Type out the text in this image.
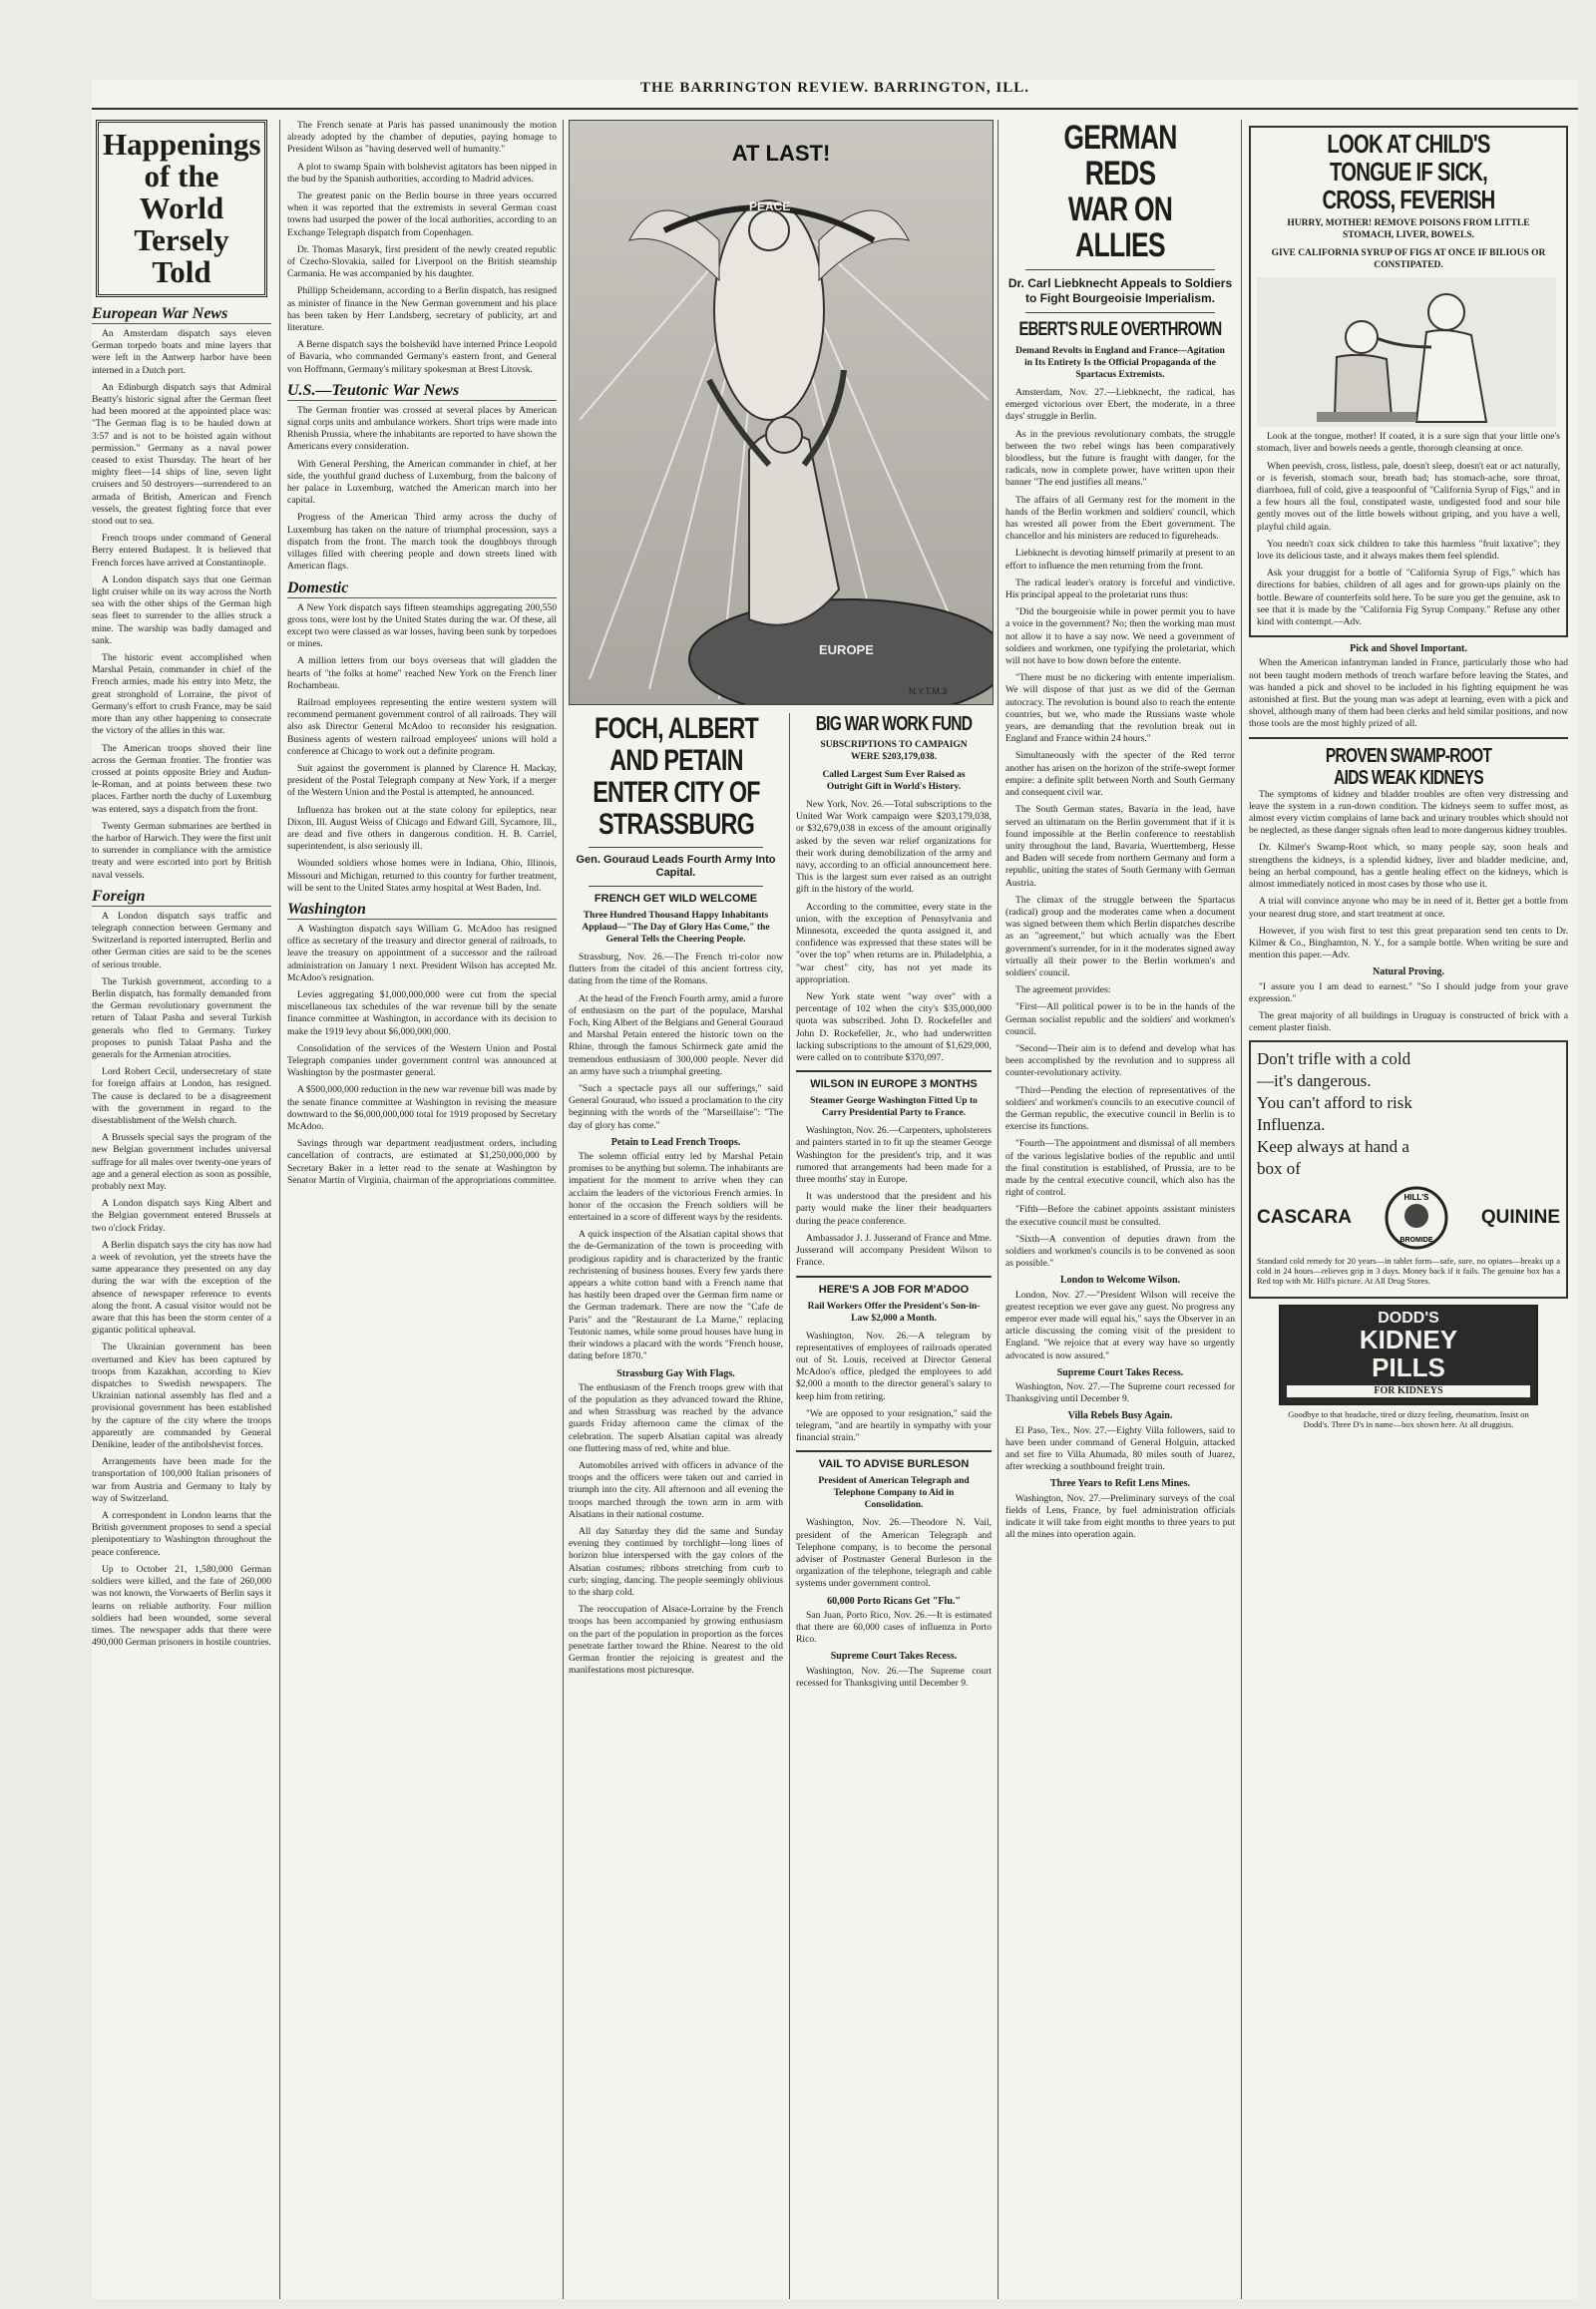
THE BARRINGTON REVIEW. BARRINGTON, ILL.
Happenings
of the World
Tersely Told
European War News

An Amsterdam dispatch says eleven German torpedo boats and mine layers that were left in the Antwerp harbor have been interned in a Dutch port.

An Edinburgh dispatch says that Admiral Beatty's historic signal after the German fleet had been moored at the appointed place was: "The German flag is to be hauled down at 3:57 and is not to be hoisted again without permission." Germany as a naval power ceased to exist Thursday. The heart of her mighty fleet—14 ships of line, seven light cruisers and 50 destroyers—surrendered to an armada of British, American and French vessels, the greatest fighting force that ever stood out to sea.

French troops under command of General Berry entered Budapest. It is believed that French forces have arrived at Constantinople.

A London dispatch says that one German light cruiser while on its way across the North sea with the other ships of the German high seas fleet to surrender to the allies struck a mine. The warship was badly damaged and sank.

The historic event accomplished when Marshal Petain, commander in chief of the French armies, made his entry into Metz, the great stronghold of Lorraine, the pivot of Germany's effort to crush France, may be said more than any other happening to consecrate the victory of the allies in this war.

The American troops shoved their line across the German frontier. The frontier was crossed at points opposite Briey and Audun-le-Roman, and at points between these two places. Farther north the duchy of Luxemburg was entered, says a dispatch from the front.

Twenty German submarines are berthed in the harbor of Harwich. They were the first unit to surrender in compliance with the armistice treaty and were escorted into port by British naval vessels.

Foreign

A London dispatch says traffic and telegraph connection between Germany and Switzerland is reported interrupted. Berlin and other German cities are said to be the scenes of serious trouble.

The Turkish government, according to a Berlin dispatch, has formally demanded from the German revolutionary government the return of Talaat Pasha and several Turkish generals who fled to Germany. Turkey proposes to punish Talaat Pasha and the generals for the Armenian atrocities.

Lord Robert Cecil, undersecretary of state for foreign affairs at London, has resigned. The cause is declared to be a disagreement with the government in regard to the disestablishment of the Welsh church.

A Brussels special says the program of the new Belgian government includes universal suffrage for all males over twenty-one years of age and a general election as soon as possible, probably next May.

A London dispatch says King Albert and the Belgian government entered Brussels at two o'clock Friday.

A Berlin dispatch says the city has now had a week of revolution, yet the streets have the same appearance they presented on any day during the war with the exception of the absence of newspaper reference to events along the front. A casual visitor would not be aware that this has been the storm center of a gigantic political upheaval.

The Ukrainian government has been overturned and Kiev has been captured by troops from Kazakhan, according to Kiev dispatches to Swedish newspapers. The Ukrainian national assembly has fled and a provisional government has been established by the capture of the city where the troops apparently are commanded by General Denikine, leader of the antibolshevist forces.

Arrangements have been made for the transportation of 100,000 Italian prisoners of war from Austria and Germany to Italy by way of Switzerland.

A correspondent in London learns that the British government proposes to send a special plenipotentiary to Washington throughout the peace conference.

Up to October 21, 1,580,000 German soldiers were killed, and the fate of 260,000 was not known, the Vorwaerts of Berlin says it learns on reliable authority. Four million soldiers had been wounded, some several times. The newspaper adds that there were 490,000 German prisoners in hostile countries.

The French senate at Paris has passed unanimously the motion already adopted by the chamber of deputies, paying homage to President Wilson as "having deserved well of humanity."

A plot to swamp Spain with bolshevist agitators has been nipped in the bud by the Spanish authorities, according to Madrid advices.

The greatest panic on the Berlin bourse in three years occurred when it was reported that the extremists in several German coast towns had usurped the power of the local authorities, according to an Exchange Telegraph dispatch from Copenhagen.

Dr. Thomas Masaryk, first president of the newly created republic of Czecho-Slovakia, sailed for Liverpool on the British steamship Carmania. He was accompanied by his daughter.

Phillipp Scheidemann, according to a Berlin dispatch, has resigned as minister of finance in the New German government and his place has been taken by Herr Landsberg, secretary of publicity, art and literature.

A Berne dispatch says the bolshevikl have interned Prince Leopold of Bavaria, who commanded Germany's eastern front, and General von Hoffmann, Germany's military spokesman at Brest Litovsk.

U.S.—Teutonic War News

The German frontier was crossed at several places by American signal corps units and ambulance workers. Short trips were made into Rhenish Prussia, where the inhabitants are reported to have shown the Americans every consideration.

With General Pershing, the American commander in chief, at her side, the youthful grand duchess of Luxemburg, from the balcony of her palace in Luxemburg, watched the American march into her capital.

Progress of the American Third army across the duchy of Luxemburg has taken on the nature of triumphal procession, says a dispatch from the front. The march took the doughboys through villages filled with cheering people and down streets lined with American flags.

Domestic

A New York dispatch says fifteen steamships aggregating 200,550 gross tons, were lost by the United States during the war. Of these, all except two were classed as war losses, having been sunk by torpedoes or mines.

A million letters from our boys overseas that will gladden the hearts of "the folks at home" reached New York on the French liner Rochambeau.

Railroad employees representing the entire western system will recommend permanent government control of all railroads. They will also ask Director General McAdoo to reconsider his resignation. Business agents of western railroad employees' unions will hold a conference at Chicago to work out a definite program.

Suit against the government is planned by Clarence H. Mackay, president of the Postal Telegraph company at New York, if a merger of the Western Union and the Postal is attempted, he announced.

Influenza has broken out at the state colony for epileptics, near Dixon, Ill. August Weiss of Chicago and Edward Gill, Sycamore, Ill., are dead and five others in dangerous condition. H. B. Carriel, superintendent, is also seriously ill.

Wounded soldiers whose homes were in Indiana, Ohio, Illinois, Missouri and Michigan, returned to this country for further treatment, will be sent to the United States army hospital at West Baden, Ind.

Washington

A Washington dispatch says William G. McAdoo has resigned office as secretary of the treasury and director general of railroads, to leave the treasury on appointment of a successor and the railroad administration on January 1 next. President Wilson has accepted Mr. McAdoo's resignation.

Levies aggregating $1,000,000,000 were cut from the special miscellaneous tax schedules of the war revenue bill by the senate finance committee at Washington, in accordance with its decision to make the 1919 levy about $6,000,000,000.

Consolidation of the services of the Western Union and Postal Telegraph companies under government control was announced at Washington by the postmaster general.

A $500,000,000 reduction in the new war revenue bill was made by the senate finance committee at Washington in revising the measure downward to the $6,000,000,000 total for 1919 proposed by Secretary McAdoo.

Savings through war department readjustment orders, including cancellation of contracts, are estimated at $1,250,000,000 by Secretary Baker in a letter read to the senate at Washington by Senator Martin of Virginia, chairman of the appropriations committee.

AT LAST!
PEACE
EUROPE
N.Y.T.M.3
FOCH, ALBERT AND PETAIN ENTER CITY OF STRASSBURG
Gen. Gouraud Leads Fourth Army Into Capital.
FRENCH GET WILD WELCOME
Three Hundred Thousand Happy Inhabitants Applaud—"The Day of Glory Has Come," the General Tells the Cheering People.

Strassburg, Nov. 26.—The French tri-color now flutters from the citadel of this ancient fortress city, dating from the time of the Romans.

At the head of the French Fourth army, amid a furore of enthusiasm on the part of the populace, Marshal Foch, King Albert of the Belgians and General Gouraud and Marshal Petain entered the historic town on the Rhine, through the famous Schirmeck gate amid the tremendous enthusiasm of 300,000 people. Never did an army have such a triumphal greeting.

"Such a spectacle pays all our sufferings," said General Gouraud, who issued a proclamation to the city beginning with the words of the "Marseillaise": "The day of glory has come."

Petain to Lead French Troops.

The solemn official entry led by Marshal Petain promises to be anything but solemn. The inhabitants are impatient for the moment to arrive when they can acclaim the leaders of the victorious French armies. In honor of the occasion the French soldiers will be entertained in a score of different ways by the residents.

A quick inspection of the Alsatian capital shows that the de-Germanization of the town is proceeding with prodigious rapidity and is characterized by the frantic rechristening of business houses. Every few yards there appears a white cotton band with a French name that has hastily been draped over the German firm name or the German trademark. There are now the "Cafe de Paris" and the "Restaurant de La Marne," replacing Teutonic names, while some proud houses have hung in their windows a placard with the words "French house, dating before 1870."

Strassburg Gay With Flags.

The enthusiasm of the French troops grew with that of the population as they advanced toward the Rhine, and when Strassburg was reached by the advance guards Friday afternoon came the climax of the celebration. The superb Alsatian capital was already one fluttering mass of red, white and blue.

Automobiles arrived with officers in advance of the troops and the officers were taken out and carried in triumph into the city. All afternoon and all evening the troops marched through the town arm in arm with Alsatians in their national costume.

All day Saturday they did the same and Sunday evening they continued by torchlight—long lines of horizon blue interspersed with the gay colors of the Alsatian costumes; ribbons stretching from curb to curb; singing, dancing. The people seemingly oblivious to the sharp cold.

The reoccupation of Alsace-Lorraine by the French troops has been accompanied by growing enthusiasm on the part of the population in proportion as the forces penetrate farther toward the Rhine. Nearest to the old German frontier the rejoicing is greatest and the manifestations most picturesque.

BIG WAR WORK FUND
SUBSCRIPTIONS TO CAMPAIGN WERE $203,179,038.
Called Largest Sum Ever Raised as Outright Gift in World's History.

New York, Nov. 26.—Total subscriptions to the United War Work campaign were $203,179,038, or $32,679,038 in excess of the amount originally asked by the seven war relief organizations for their work during demobilization of the army and navy, according to an official announcement here. This is the largest sum ever raised as an outright gift in the history of the world.

According to the committee, every state in the union, with the exception of Pennsylvania and Minnesota, exceeded the quota assigned it, and confidence was expressed that these states will be "over the top" when returns are in. Philadelphia, a "war chest" city, has not yet made its appropriation.

New York state went "way over" with a percentage of 102 when the city's $35,000,000 quota was subscribed. John D. Rockefeller and John D. Rockefeller, Jr., who had underwritten lacking subscriptions to the amount of $1,629,000, were called on to contribute $370,097.

WILSON IN EUROPE 3 MONTHS
Steamer George Washington Fitted Up to Carry Presidential Party to France.

Washington, Nov. 26.—Carpenters, upholsterers and painters started in to fit up the steamer George Washington for the president's trip, and it was rumored that arrangements had been made for a three months' stay in Europe.

It was understood that the president and his party would make the liner their headquarters during the peace conference.

Ambassador J. J. Jusserand of France and Mme. Jusserand will accompany President Wilson to France.

HERE'S A JOB FOR M'ADOO
Rail Workers Offer the President's Son-in-Law $2,000 a Month.

Washington, Nov. 26.—A telegram by representatives of employees of railroads operated out of St. Louis, received at Director General McAdoo's office, pledged the employees to add $2,000 a month to the director general's salary to keep him from retiring.

"We are opposed to your resignation," said the telegram, "and are heartily in sympathy with your financial strain."

VAIL TO ADVISE BURLESON
President of American Telegraph and Telephone Company to Aid in Consolidation.

Washington, Nov. 26.—Theodore N. Vail, president of the American Telegraph and Telephone company, is to become the personal adviser of Postmaster General Burleson in the organization of the telephone, telegraph and cable systems under government control.

60,000 Porto Ricans Get "Flu."

San Juan, Porto Rico, Nov. 26.—It is estimated that there are 60,000 cases of influenza in Porto Rico.

Supreme Court Takes Recess.

Washington, Nov. 26.—The Supreme court recessed for Thanksgiving until December 9.

GERMAN REDS
WAR ON ALLIES
Dr. Carl Liebknecht Appeals to Soldiers to Fight Bourgeoisie Imperialism.
EBERT'S RULE OVERTHROWN
Demand Revolts in England and France—Agitation in Its Entirety Is the Official Propaganda of the Spartacus Extremists.

Amsterdam, Nov. 27.—Liebknecht, the radical, has emerged victorious over Ebert, the moderate, in a three days' struggle in Berlin.

As in the previous revolutionary combats, the struggle between the two rebel wings has been comparatively bloodless, but the future is fraught with danger, for the radicals, now in complete power, have written upon their banner "The end justifies all means."

The affairs of all Germany rest for the moment in the hands of the Berlin workmen and soldiers' council, which has wrested all power from the Ebert government. The chancellor and his ministers are reduced to figureheads.

Liebknecht is devoting himself primarily at present to an effort to influence the men returning from the front.

The radical leader's oratory is forceful and vindictive. His principal appeal to the proletariat runs thus:

"Did the bourgeoisie while in power permit you to have a voice in the government? No; then the working man must not allow it to have a say now. We need a government of soldiers and workmen, one typifying the proletariat, which will not have to bow down before the entente.

"There must be no dickering with entente imperialism. We will dispose of that just as we did of the German autocracy. The revolution is bound also to reach the entente countries, but we, who made the Russians waste whole years, are demanding that the revolution break out in England and France within 24 hours."

Simultaneously with the specter of the Red terror another has arisen on the horizon of the strife-swept former empire: a definite split between North and South Germany and consequent civil war.

The South German states, Bavaria in the lead, have served an ultimatum on the Berlin government that if it is found impossible at the Berlin conference to reestablish unity throughout the land, Bavaria, Wuerttemberg, Hesse and Baden will secede from northern Germany and form a republic, uniting the states of South Germany with German Austria.

The climax of the struggle between the Spartacus (radical) group and the moderates came when a document was signed between them which Berlin dispatches describe as an "agreement," but which actually was the Ebert government's surrender, for in it the moderates signed away virtually all their power to the Berlin workmen's and soldiers' council.

The agreement provides:

"First—All political power is to be in the hands of the German socialist republic and the soldiers' and workmen's council.

"Second—Their aim is to defend and develop what has been accomplished by the revolution and to suppress all counter-revolutionary activity.

"Third—Pending the election of representatives of the soldiers' and workmen's councils to an executive council of the German republic, the executive council in Berlin is to exercise its functions.

"Fourth—The appointment and dismissal of all members of the various legislative bodies of the republic and until the final constitution is established, of Prussia, are to be made by the central executive council, which also has the right of control.

"Fifth—Before the cabinet appoints assistant ministers the executive council must be consulted.

"Sixth—A convention of deputies drawn from the soldiers and workmen's councils is to be convened as soon as possible."

London to Welcome Wilson.

London, Nov. 27.—"President Wilson will receive the greatest reception we ever gave any guest. No progress any emperor ever made will equal his," says the Observer in an article discussing the coming visit of the president to England. "We rejoice that at every way have so urgently advocated is now assured."

Supreme Court Takes Recess.

Washington, Nov. 27.—The Supreme court recessed for Thanksgiving until December 9.

Villa Rebels Busy Again.

El Paso, Tex., Nov. 27.—Eighty Villa followers, said to have been under command of General Holguin, attacked and set fire to Villa Ahumada, 80 miles south of Juarez, after wrecking a southbound freight train.

Three Years to Refit Lens Mines.

Washington, Nov. 27.—Preliminary surveys of the coal fields of Lens, France, by fuel administration officials indicate it will take from eight months to three years to put all the mines into operation again.

LOOK AT CHILD'S
TONGUE IF SICK,
CROSS, FEVERISH
HURRY, MOTHER! REMOVE POISONS FROM LITTLE STOMACH, LIVER, BOWELS.
GIVE CALIFORNIA SYRUP OF FIGS AT ONCE IF BILIOUS OR CONSTIPATED.

Look at the tongue, mother! If coated, it is a sure sign that your little one's stomach, liver and bowels needs a gentle, thorough cleansing at once.

When peevish, cross, listless, pale, doesn't sleep, doesn't eat or act naturally, or is feverish, stomach sour, breath bad; has stomach-ache, sore throat, diarrhoea, full of cold, give a teaspoonful of "California Syrup of Figs," and in a few hours all the foul, constipated waste, undigested food and sour bile gently moves out of the little bowels without griping, and you have a well, playful child again.

You needn't coax sick children to take this harmless "fruit laxative"; they love its delicious taste, and it always makes them feel splendid.

Ask your druggist for a bottle of "California Syrup of Figs," which has directions for babies, children of all ages and for grown-ups plainly on the bottle. Beware of counterfeits sold here. To be sure you get the genuine, ask to see that it is made by the "California Fig Syrup Company." Refuse any other kind with contempt.—Adv.

Pick and Shovel Important.

When the American infantryman landed in France, particularly those who had not been taught modern methods of trench warfare before leaving the States, and was handed a pick and shovel to be included in his fighting equipment he was astonished at first. But the young man was adept at learning, even with a pick and shovel, although many of them had been clerks and held similar positions, and now those tools are the most highly prized of all.

PROVEN SWAMP-ROOT
AIDS WEAK KIDNEYS

The symptoms of kidney and bladder troubles are often very distressing and leave the system in a run-down condition. The kidneys seem to suffer most, as almost every victim complains of lame back and urinary troubles which should not be neglected, as these danger signals often lead to more dangerous kidney troubles.

Dr. Kilmer's Swamp-Root which, so many people say, soon heals and strengthens the kidneys, is a splendid kidney, liver and bladder medicine, and, being an herbal compound, has a gentle healing effect on the kidneys, which is almost immediately noticed in most cases by those who use it.

A trial will convince anyone who may be in need of it. Better get a bottle from your nearest drug store, and start treatment at once.

However, if you wish first to test this great preparation send ten cents to Dr. Kilmer & Co., Binghamton, N. Y., for a sample bottle. When writing be sure and mention this paper.—Adv.

Natural Proving.

"I assure you I am dead to earnest." "So I should judge from your grave expression."

The great majority of all buildings in Uruguay is constructed of brick with a cement plaster finish.

Don't trifle with a cold
—it's dangerous.
You can't afford to risk
Influenza.
Keep always at hand a
box of
CASCARA
HILL'S
BROMIDE
QUININE

Standard cold remedy for 20 years—in tablet form—safe, sure, no opiates—breaks up a cold in 24 hours—relieves grip in 3 days. Money back if it fails. The genuine box has a Red top with Mr. Hill's picture. At All Drug Stores.

DODD'S
KIDNEY
PILLS
FOR KIDNEYS

Goodbye to that headache, tired or dizzy feeling, rheumatism. Insist on Dodd's. Three D's in name—box shown here. At all druggists.
